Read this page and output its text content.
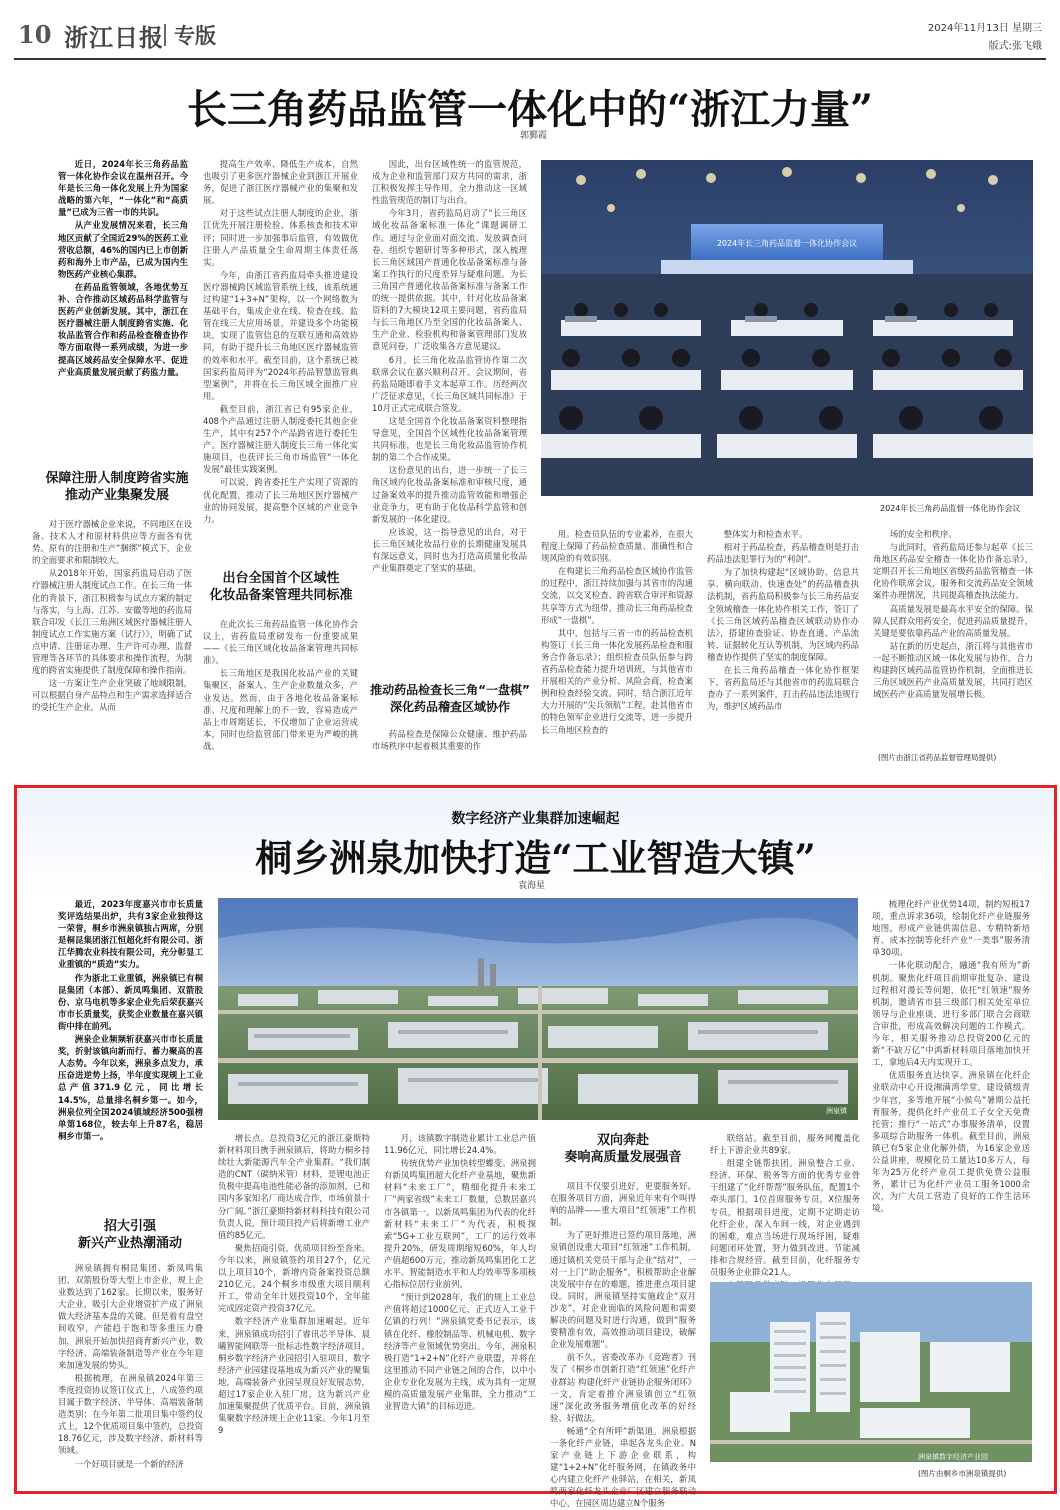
10 浙江日报 专版	2024年11月13日 星期三
版式:张飞娥
长三角药品监管一体化中的“浙江力量”
郭鄞霞

近日，2024年长三角药品监管一体化协作会议在温州召开。今年是长三角一体化发展上升为国家战略的第六年，“一体化”和“高质量”已成为三省一市的共识。

从产业发展情况来看，长三角地区贡献了全国近29%的医药工业营收总额，46%的国内已上市创新药和海外上市产品，已成为国内生物医药产业核心集群。

在药品监管领域，各地优势互补、合作推动区域药品科学监管与医药产业创新发展。其中，浙江在医疗器械注册人制度跨省实施、化妆品监管合作和药品检查稽查协作等方面取得一系列成绩，为进一步提高区域药品安全保障水平、促进产业高质量发展贡献了药监力量。

保障注册人制度跨省实施
推动产业集聚发展

对于医疗器械企业来说，不同地区在设备、技术人才和原材料供应等方面各有优势。原有的注册和生产“捆绑”模式下，企业的全面要求和限制较大。

从2018年开始，国家药监局启动了医疗器械注册人制度试点工作。在长三角一体化的背景下，浙江积极参与试点方案的制定与落实，与上海、江苏、安徽等地的药监局联合印发《长江三角洲区域医疗器械注册人制度试点工作实施方案（试行）》，明确了试点申请、注册证办理、生产许可办理、监督管理等各环节的具体要求和操作流程，为制度的跨省实施提供了制度保障和操作指南。

这一方案让生产企业突破了地域限制，可以根据自身产品特点和生产需求选择适合的受托生产企业，从而

提高生产效率、降低生产成本，自然也吸引了更多医疗器械企业到浙江开展业务，促进了浙江医疗器械产业的集聚和发展。

对于这些试点注册人制度的企业，浙江优先开展注册检验、体系核查和技术审评；同时进一步加强事后监管，有效做优注册人产品质量全生命周期主体责任落实。

今年，由浙江省药监局牵头推进建设医疗器械跨区域监管系统上线，该系统通过构建“1+3+N”架构，以一个网络数为基础平台，集成企业在线、检查在线、监管在线三大应用场景，并建设多个功能模块，实现了监管信息的互联互通和高效协同，有助于提升长三角地区医疗器械监管的效率和水平。截至目前，这个系统已被国家药监局评为“2024年药品智慧监管典型案例”，并将在长三角区域全面推广应用。

截至目前，浙江省已有95家企业，408个产品通过注册人制度委托其他企业生产，其中有257个产品跨省进行委托生产。医疗器械注册人制度长三角一体化实施项目，也获评长三角市场监管“一体化发展”最佳实践案例。

可以说，跨省委托生产实现了资源的优化配置，推动了长三角地区医疗器械产业的协同发展，提高整个区域的产业竞争力。

出台全国首个区域性
化妆品备案管理共同标准

在此次长三角药品监管一体化协作会议上，省药监局重磅发布一份重要成果——《长三角区域化妆品备案管理共同标准》。

长三角地区是我国化妆品产业的关键集聚区，备案人、生产企业数量众多，产业发达。然而，由于各地化妆品备案标准、尺度和理解上的不一致，容易造成产品上市周期延长，不仅增加了企业运营成本，同时也给监管部门带来更为严峻的挑战。

因此，出台区域性统一的监管规范，成为企业和监管部门双方共同的需求，浙江积极发挥主导作用，全力推动这一区域性监管规范的制订与出台。

今年3月，省药监局启动了“长三角区域化妆品备案标准一体化”课题调研工作。通过与企业面对面交流、发放调查问卷，组织专题研讨等多种形式，深入梳理长三角区域国产普通化妆品备案标准与备案工作执行的尺度差异与疑难问题。为长三角国产普通化妆品备案标准与备案工作的统一提供依据。其中，针对化妆品备案资料的7大模块12项主要问题，省药监局与长三角地区乃至全国的化妆品备案人、生产企业、检验机构和备案管理部门发放意见问卷，广泛收集各方意见建议。

6月，长三角化妆品监管协作第二次联席会议在嘉兴顺利召开。会议期间，省药监局随即着手文本起草工作。历经两次广泛征求意见，《长三角区域共同标准》于10月正式完成联合签发。

这是全国首个化妆品备案资料整理指导意见，全国首个区域性化妆品备案管理共同标准，也是长三角化妆品监管协作机制的第二个合作成果。

这份意见的出台，进一步统一了长三角区域内化妆品备案标准和审核尺度，通过备案效率的提升推动监管效能和增强企业竞争力，更有助于化妆品科学监管和创新发展的一体化建设。

应该说，这一指导意见的出台，对于长三角区域化妆品行业的长期健康发展具有深远意义，同时也为打造高质量化妆品产业集群奠定了坚实的基础。

推动药品检查长三角“一盘棋”
深化药品稽查区域协作

药品检查是保障公众健康、维护药品市场秩序中起着极其重要的作

2024年长三角药品监督一体化协作会议
2024年长三角药品监督一体化协作会议

用。检查员队伍的专业素养，在很大程度上保障了药品检查质量、准确性和合规风险的有效识别。

在构建长三角药品检查区域协作监管的过程中，浙江持续加强与其省市的沟通交流，以交叉检查、跨省联合审评和资源共享等方式为纽带，推动长三角药品检查形成“一盘棋”。

其中，包括与三省一市的药品检查机构签订《长三角一体化发展药品检查和服务合作备忘录》；组织检查员队伍参与跨省药品检查能力提升培训班，与其他省市开展相关的产业分析、风险会商，检查案例和检查经验交流。同时，结合浙江近年大力开展的“尖兵领航”工程，赴其他省市的特色领军企业进行交流等，进一步提升长三角地区检查的

整体实力和检查水平。

相对于药品检查，药品稽查则是打击药品违法犯罪行为的“利剑”。

为了加快构建起“区域协助、信息共享、横向联动、快速查处”的药品稽查执法机制，省药监局积极参与长三角药品安全领域稽查一体化协作相关工作，签订了《长三角区域药品稽查区域联动协作办法》，搭建协查验证、协查直通、产品流转、证据转化互认等机制，为区域内药品稽查协作提供了坚实的制度保障。

在长三角药品稽查一体化协作框架下，省药监局还与其他省市的药监局联合查办了一系列案件，打击药品违法违规行为，维护区域药品市

场的安全和秩序。

与此同时，省药监局还参与起草《长三角地区药品安全稽查一体化协作备忘录》，定期召开长三角地区省级药品监管稽查一体化协作联席会议，服务和交流药品安全领域案件办理情况，共同提高稽查执法能力。

高质量发展是最高水平安全的保障。保障人民群众用药安全，促进药品质量提升，关键是要依靠药品产业的高质量发展。

站在新的历史起点，浙江将与其他省市一起不断推动区域一体化发展与协作，合力构建跨区域药品监管协作机制，全面推进长三角区域医药产业高质量发展，共同打造区域医药产业高质量发展增长极。

(图片由浙江省药品监督管理局提供)
数字经济产业集群加速崛起
桐乡洲泉加快打造“工业智造大镇”
袁海星

最近，2023年度嘉兴市市长质量奖评选结果出炉，共有3家企业独得这一荣誉，桐乡市洲泉镇独占两席，分别是桐昆集团浙江恒超化纤有限公司、浙江华腾农业科技有限公司，充分彰显工业重镇的“质造”实力。

作为浙北工业重镇，洲泉镇已有桐昆集团（本部）、新凤鸣集团、双箭股份、京马电机等多家企业先后荣获嘉兴市市长质量奖，获奖企业数量在嘉兴镇街中排在前列。

洲泉企业频频斩获嘉兴市市长质量奖，折射该镇向新而行、蓄力聚高的喜人态势。今年以来，洲泉多点发力，承压奋进逆势上扬，半年度实现规上工业总产值371.9亿元，同比增长14.5%，总量排名桐乡第一。如今，洲泉位列全国2024镇域经济500强榜单第168位，较去年上升87名，稳居桐乡市第一。

招大引强
新兴产业热潮涌动

洲泉镇拥有桐昆集团、新凤鸣集团、双箭股份等大型上市企业，规上企业数达到了162家。长期以来，服务好大企业，吸引大企业增资扩产成了洲泉做大经济基本盘的关键。但是着有盘空间收窄，产能趋于饱和等多重压力叠加，洲泉开始加快招商育新兴产业，数字经济、高端装备制造等产业在今年迎来加速发展的势头。

根据梳理，在洲泉镇2024年第三季度投资协议签订仪式上，八成签约项目属于数字经济、半导体、高端装备制造类别；在今年第二批项目集中签约仪式上，12个优质项目集中签约，总投资18.76亿元，涉及数字经济、新材料等领域。

一个好项目就是一个新的经济

洲泉镇

增长点。总投资3亿元的浙江豪斯特新材料项目携手洲泉镇后，将助力桐乡持续壮大新能源汽车全产业集群。“我们制造的CNT（碳纳米管）材料，是锂电池正负极中提高电池性能必备的添加剂，已和国内多家知名厂商达成合作，市场前景十分广阔。”浙江豪斯特新材料科技有限公司负责人说，预计项目投产后将新增工业产值约85亿元。

聚焦招商引资，优质项目纷至沓来。今年以来，洲泉镇签约项目27个，亿元以上项目10个，新增内资备案投资总额210亿元。24个桐乡市级重大项目顺利开工，带动全年计划投资10个，全年能完成固定资产投资37亿元。

数字经济产业集群加速崛起。近年来，洲泉镇成功招引了睿讯芯半导体、晨曦智能网联等一批标志性数字经济项目，桐乡数字经济产业园招引入驻项目，数字经济产业园建设基地成为新兴产业的聚集地，高端装备产业园呈现良好发展态势，超过17家企业入驻厂房，这为新兴产业加速集聚提供了优质平台。目前，洲泉镇集聚数字经济规上企业11家。今年1月至9

月，该镇数字制造业累计工业总产值11.96亿元，同比增长24.4%。

传统优势产业加快转型蝶变。洲泉拥有新凤鸣集团超大化纤产业基地，聚焦新材料“未来工厂”，精细化提升未来工厂“两家省级”未来工厂数量，总数居嘉兴市各镇第一。以新凤鸣集团为代表的化纤新材料“未来工厂”为代表，积极探索“5G+工业互联网”，工厂的运行效率提升20%，研发周期缩短60%，年人均产值超600万元，推动新凤鸣集团化工艺水平、智能制造水平和人均效率等多项核心指标位居行业前列。

“预计到2028年，我们的规上工业总产值将超过1000亿元，正式迈入工业千亿镇的行列！”洲泉镇党委书记表示，该镇在化纤、橡胶制品等、机械电机、数字经济等产业领域优势突出。今年，洲泉积极打造“1+2+N”化纤产业联盟，并将在这里推动不同产业链之间的合作，以中小企业专业化发展为主线，成为具有一定规模的高质量发展产业集群，全力推动“工业智造大镇”的目标迈进。

双向奔赴
奏响高质量发展强音

项目不仅要引进好，更要服务好。在服务项目方面，洲泉近年来有个叫得响的品牌——重大项目“红领速”工作机制。

为了更好推进已签约项目落地，洲泉镇创设重大项目“红领速”工作机制，通过镇机关党员干部与企业“结对”，一对一上门“助企服务”，积极帮助企业解决发展中存在的难题，推进重点项目建设。同时，洲泉镇坚持实施政企“双月沙龙”，对企业面临的风险问题和需要解决的问题及时进行沟通，做到“服务要精准有效，高效推动项目建设，破解企业发展难题”。

前不久，省委改革办《竞跑者》刊发了《桐乡市创新打造“红领速”化纤产业群站 构建化纤产业链协企服务闭环》一文，肯定着推介洲泉镇创立“红领速”深化政务服务增值化改革的好经验、好做法。

畅通“全有所呼”新渠道。洲泉根据一条化纤产业链，串起各龙头企业、N家产业链上下游企业联系，构建“1+2+N”化纤服务网，在镇政务中心内建立化纤产业驿站，在相关，新凤鸣两家化纤龙头企业厂区建立服务联动中心，在园区周边建立N个服务

联络站。截至目前，服务网覆盖化纤上下游企业共89家。

组建全链帮扶团。洲泉整合工业、经济、环保、税务等方面的优秀专业骨干组建了“化纤帮帮”服务队伍，配置1个牵头部门，1位首席服务专员，X位服务专员，根据项目进度，定期不定期走访化纤企业，深入车间一线，对企业遇到的困难，难点当场进行现场纾困，疑难问题闭环处置，努力做到改进、节能减排和合规经营。截至目前，化纤服务专员服务企业群众21人。

梳理化纤产业优势14项，制约短板17项，重点诉求36项，绘制化纤产业链服务地图，形成产业链供需信息、专精特新培育、成本控制等化纤产业“一类事”服务清单30项。

一体化联动配合，融通“我有所为”新机制。聚焦化纤项目前期审批复杂、建设过程相对漫长等问题，依托“红领速”服务机制，邀请省市县三级部门相关处室单位领导与企业座谈，进行多部门联合会商联合审批，形成高效解决问题的工作模式。今年，相关服务推动总投资200亿元的新“不缺万亿”中鸿新材料项目落地加快开工，拿地后4天内实现开工。

优质服务直达快享。洲泉镇在化纤企业联动中心开设湘满湾学堂，建设镇级青少年宫，多等地开展“小候鸟”暑期公益托育服务，提供化纤产业员工子女全天免费托管；推行“一站式”办事服务清单，设置多项综合助服务一体机。截至目前，洲泉镇已有5家企业化解外债，为16家企业送公益讲座，规模化员工量达10多万人，每年为25万化纤产业员工提供免费公益服务，累计已为化纤产业员工服务1000余次，为广大员工营造了良好的工作生活环境。

洲泉镇数字经济产业园
(图片由桐乡市洲泉镇提供)
